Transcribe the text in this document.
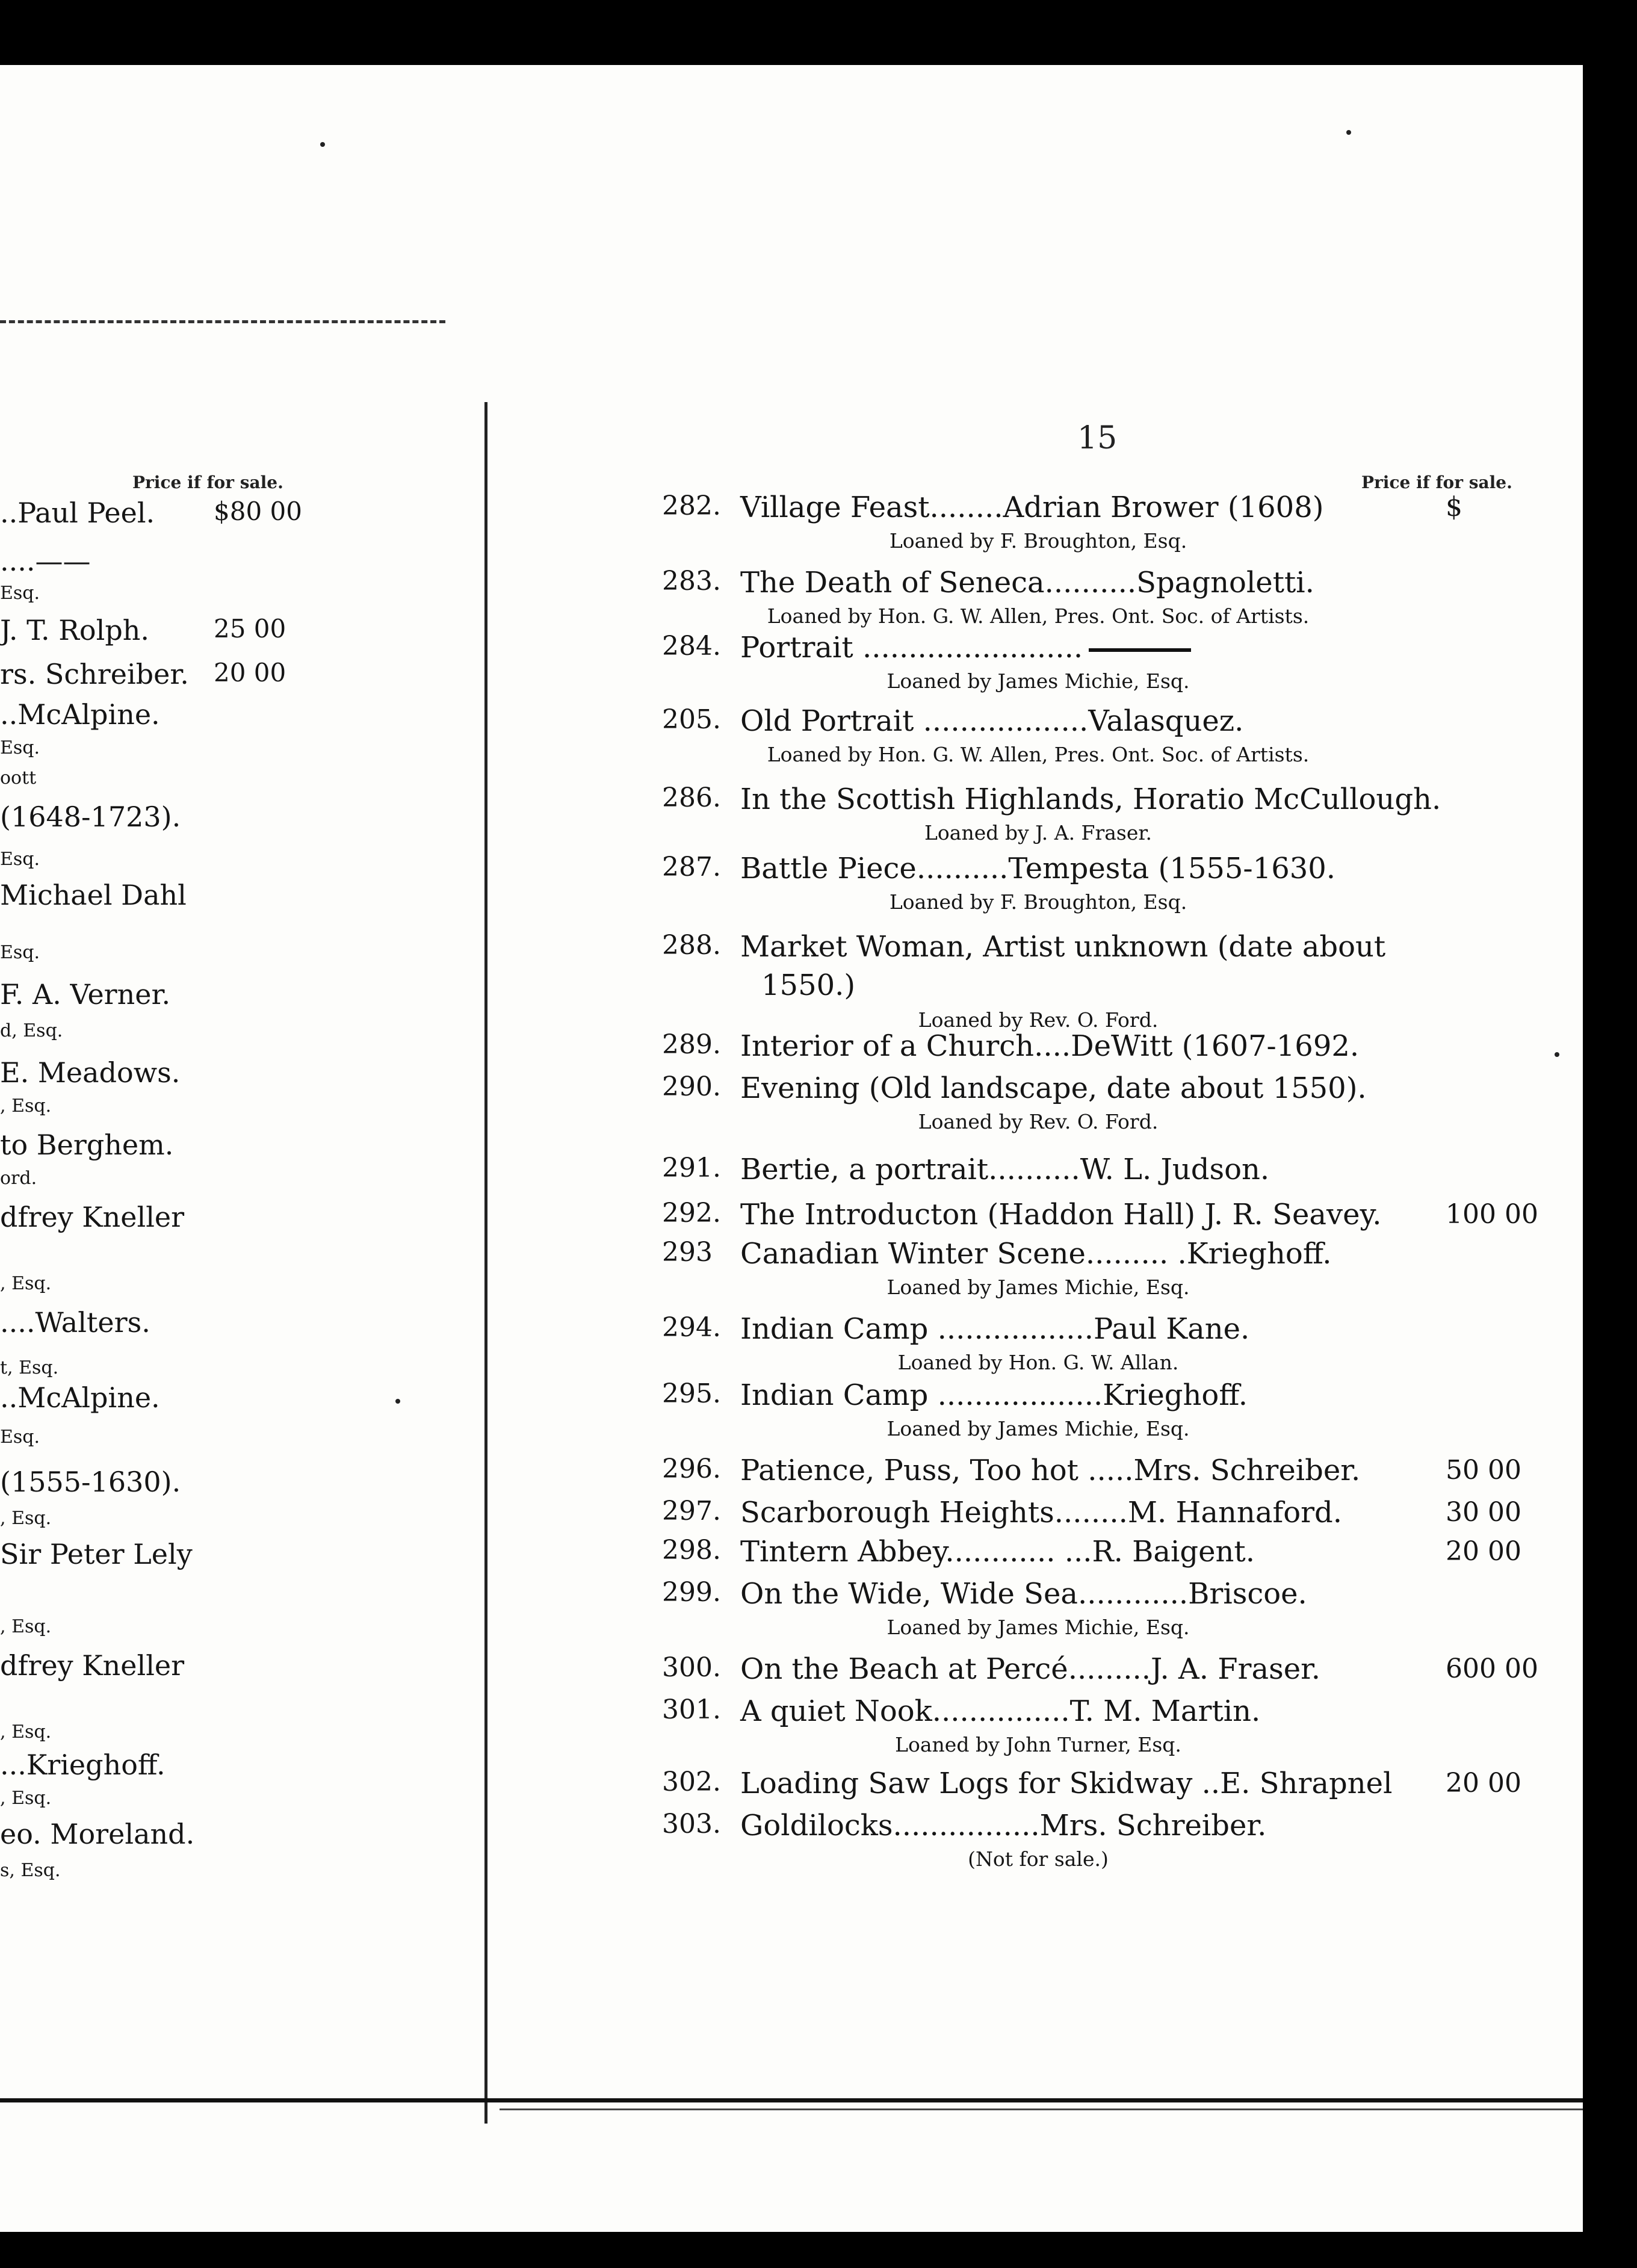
Price if for sale.
..Paul Peel. $80 00
....——
Esq.
J. T. Rolph.	25 00
rs. Schreiber. 20 00
..McAlpine.
Esq.
oott
(1648-1723).
Esq.
Michael Dahl
Esq.
F. A. Verner.
d, Esq.
E. Meadows.
, Esq.
to Berghem.
ord.
dfrey Kneller
, Esq.
....Walters.
t, Esq.
..McAlpine.
Esq.
(1555-1630).
, Esq.
Sir Peter Lely
, Esq.
dfrey Kneller
, Esq.
...Krieghoff.
, Esq.
eo. Moreland.
s, Esq.
15
Price if for sale.
282. Village Feast........Adrian Brower (1608)	$
Loaned by F. Broughton, Esq.
283. The Death of Seneca..........Spagnoletti.
Loaned by Hon. G. W. Allen, Pres. Ont. Soc. of Artists.
284. Portrait ........................
Loaned by James Michie, Esq.
205. Old Portrait ..................Valasquez.
Loaned by Hon. G. W. Allen, Pres. Ont. Soc. of Artists.
286. In the Scottish Highlands, Horatio McCullough.
Loaned by J. A. Fraser.
287. Battle Piece..........Tempesta (1555-1630.
Loaned by F. Broughton, Esq.
288. Market Woman, Artist unknown (date about
1550.)
Loaned by Rev. O. Ford.
289. Interior of a Church....DeWitt (1607-1692.
290. Evening (Old landscape, date about 1550).
Loaned by Rev. O. Ford.
291. Bertie, a portrait..........W. L. Judson.
292. The Introducton (Haddon Hall) J. R. Seavey. 100 00
293 Canadian Winter Scene......... .Krieghoff.
Loaned by James Michie, Esq.
294. Indian Camp .................Paul Kane.
Loaned by Hon. G. W. Allan.
295. Indian Camp ..................Krieghoff.
Loaned by James Michie, Esq.
296. Patience, Puss, Too hot .....Mrs. Schreiber.	50 00
297. Scarborough Heights........M. Hannaford.	30 00
298. Tintern Abbey............ ...R. Baigent.	20 00
299. On the Wide, Wide Sea............Briscoe.
Loaned by James Michie, Esq.
300. On the Beach at Percé.........J. A. Fraser.	600 00
301. A quiet Nook...............T. M. Martin.
Loaned by John Turner, Esq.
302. Loading Saw Logs for Skidway ..E. Shrapnel 20 00
303. Goldilocks................Mrs. Schreiber.
(Not for sale.)
